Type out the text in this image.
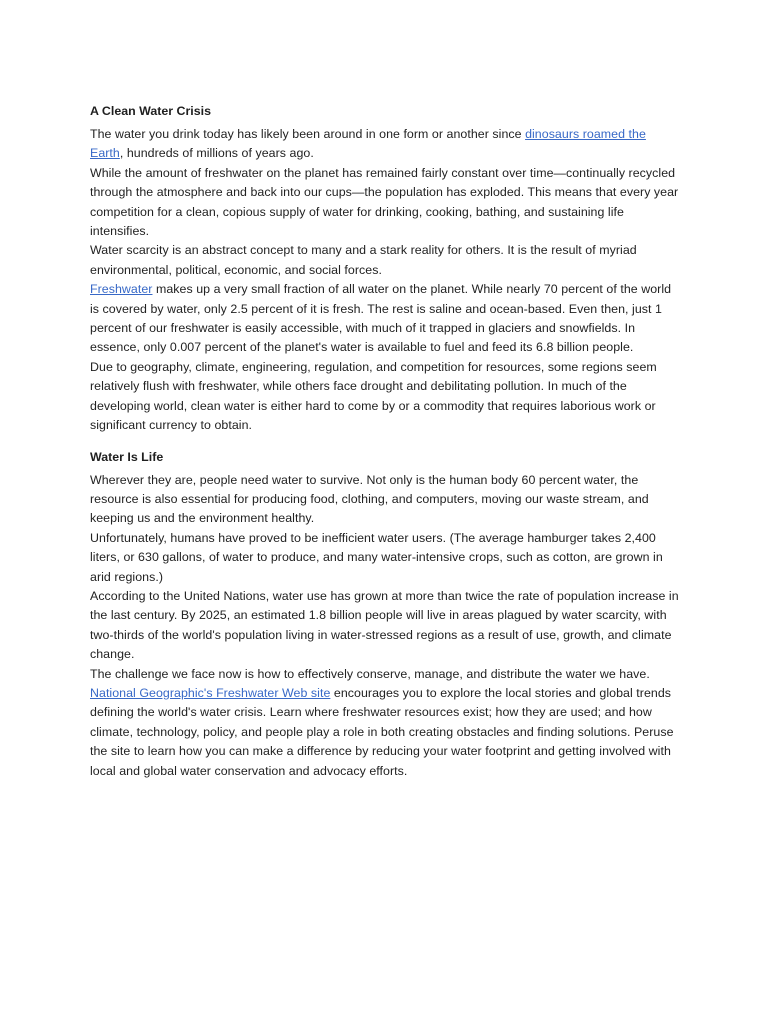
A Clean Water Crisis

The water you drink today has likely been around in one form or another since dinosaurs roamed the Earth, hundreds of millions of years ago.

While the amount of freshwater on the planet has remained fairly constant over time—continually recycled through the atmosphere and back into our cups—the population has exploded. This means that every year competition for a clean, copious supply of water for drinking, cooking, bathing, and sustaining life intensifies.

Water scarcity is an abstract concept to many and a stark reality for others. It is the result of myriad environmental, political, economic, and social forces.

Freshwater makes up a very small fraction of all water on the planet. While nearly 70 percent of the world is covered by water, only 2.5 percent of it is fresh. The rest is saline and ocean-based. Even then, just 1 percent of our freshwater is easily accessible, with much of it trapped in glaciers and snowfields. In essence, only 0.007 percent of the planet's water is available to fuel and feed its 6.8 billion people.

Due to geography, climate, engineering, regulation, and competition for resources, some regions seem relatively flush with freshwater, while others face drought and debilitating pollution. In much of the developing world, clean water is either hard to come by or a commodity that requires laborious work or significant currency to obtain.

Water Is Life

Wherever they are, people need water to survive. Not only is the human body 60 percent water, the resource is also essential for producing food, clothing, and computers, moving our waste stream, and keeping us and the environment healthy.

Unfortunately, humans have proved to be inefficient water users. (The average hamburger takes 2,400 liters, or 630 gallons, of water to produce, and many water-intensive crops, such as cotton, are grown in arid regions.)

According to the United Nations, water use has grown at more than twice the rate of population increase in the last century. By 2025, an estimated 1.8 billion people will live in areas plagued by water scarcity, with two-thirds of the world's population living in water-stressed regions as a result of use, growth, and climate change.

The challenge we face now is how to effectively conserve, manage, and distribute the water we have. National Geographic's Freshwater Web site encourages you to explore the local stories and global trends defining the world's water crisis. Learn where freshwater resources exist; how they are used; and how climate, technology, policy, and people play a role in both creating obstacles and finding solutions. Peruse the site to learn how you can make a difference by reducing your water footprint and getting involved with local and global water conservation and advocacy efforts.
